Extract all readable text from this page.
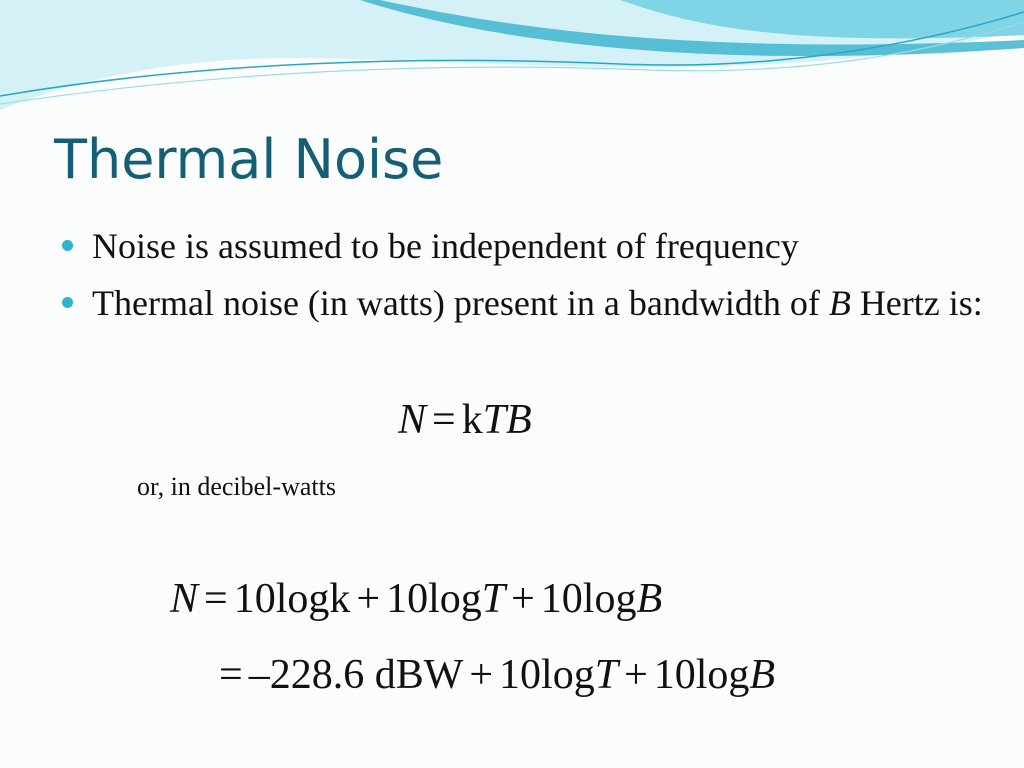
Thermal Noise
Noise is assumed to be independent of frequency
Thermal noise (in watts) present in a bandwidth of B Hertz is:
N = kTB
or, in decibel-watts
N = 10logk + 10logT + 10logB
= –228.6 dBW + 10logT + 10logB
